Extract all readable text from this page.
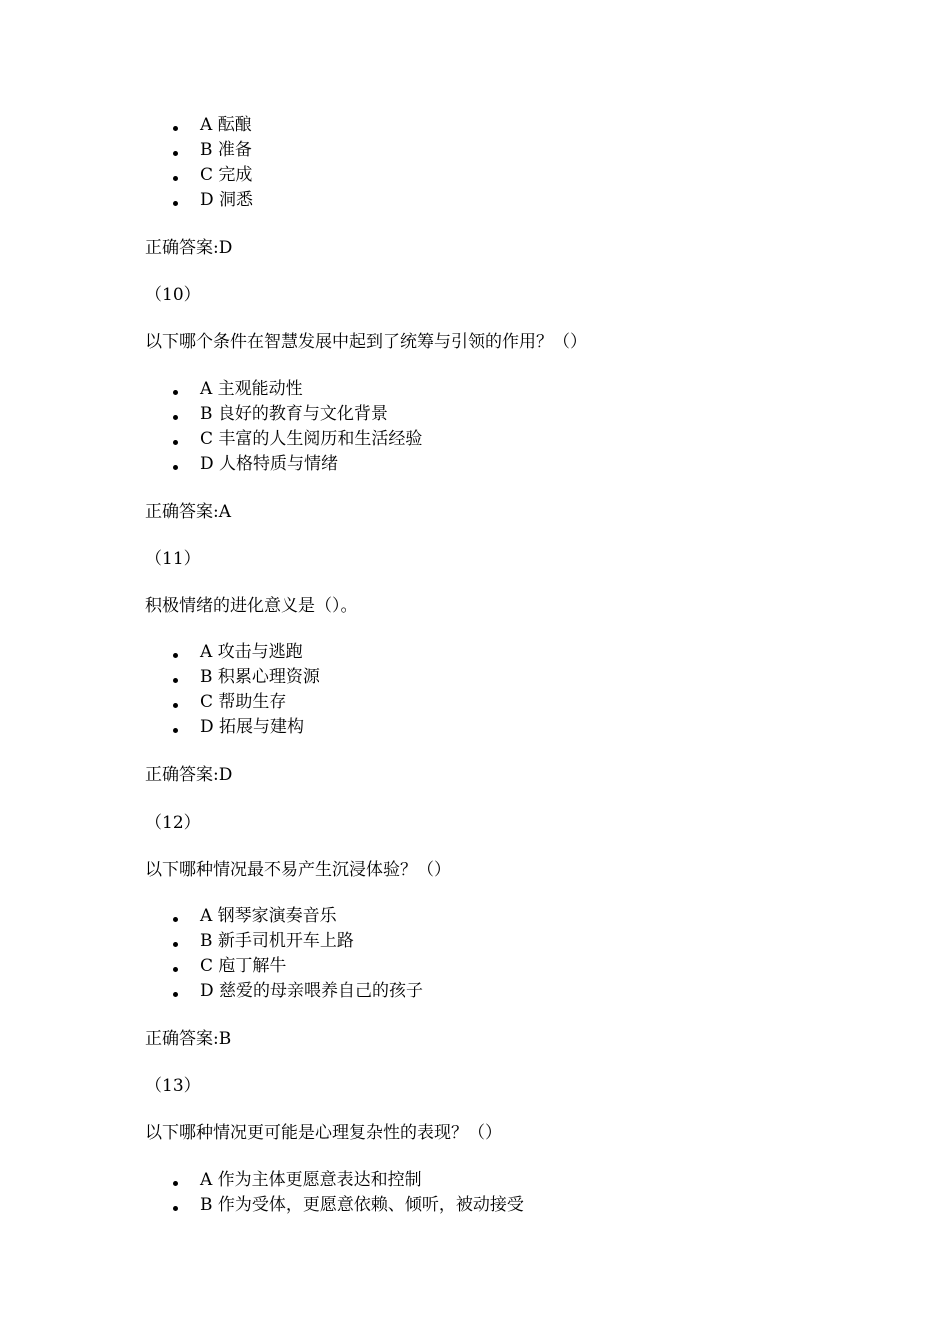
A 酝酿
B 准备
C 完成
D 洞悉
正确答案:D
（10）
以下哪个条件在智慧发展中起到了统筹与引领的作用？（）
A 主观能动性
B 良好的教育与文化背景
C 丰富的人生阅历和生活经验
D 人格特质与情绪
正确答案:A
（11）
积极情绪的进化意义是（）。
A 攻击与逃跑
B 积累心理资源
C 帮助生存
D 拓展与建构
正确答案:D
（12）
以下哪种情况最不易产生沉浸体验？（）
A 钢琴家演奏音乐
B 新手司机开车上路
C 庖丁解牛
D 慈爱的母亲喂养自己的孩子
正确答案:B
（13）
以下哪种情况更可能是心理复杂性的表现？（）
A 作为主体更愿意表达和控制
B 作为受体，更愿意依赖、倾听，被动接受
